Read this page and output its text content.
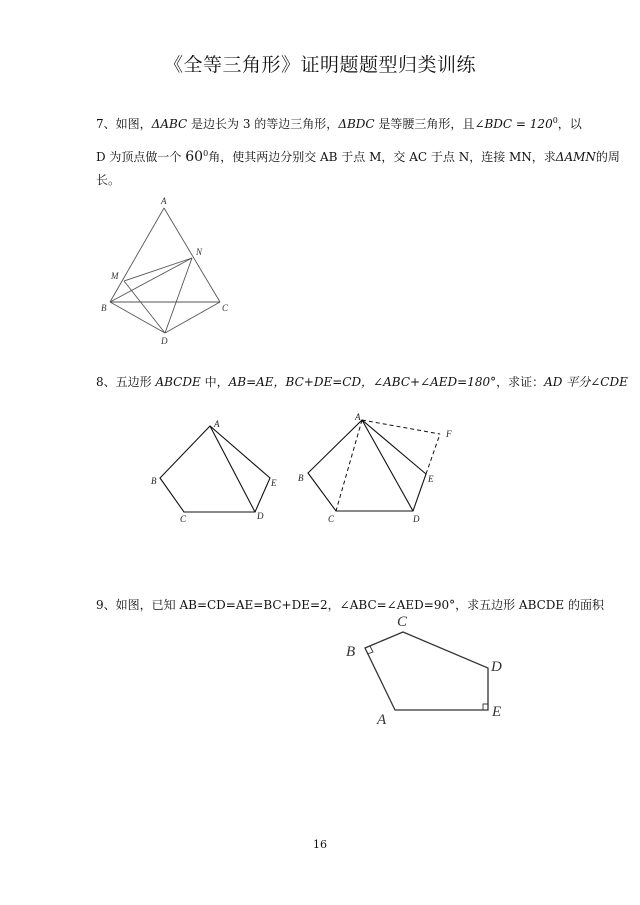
《全等三角形》证明题题型归类训练
7、如图，ΔABC 是边长为 3 的等边三角形，ΔBDC 是等腰三角形，且∠BDC = $120^0$，以
D 为顶点做一个 $60^0$角，使其两边分别交 AB 于点 M，交 AC 于点 N，连接 MN，求ΔAMN的周
长。
A
N
M
B	C
D
8、五边形 ABCDE 中，AB=AE，BC+DE=CD，∠ABC+∠AED=180°，求证：AD 平分∠CDE
A
B
C	D
E
A
F
B	E
C	D
9、如图，已知 AB=CD=AE=BC+DE=2，∠ABC=∠AED=90°，求五边形 ABCDE 的面积
C
B
D
E
A
16
